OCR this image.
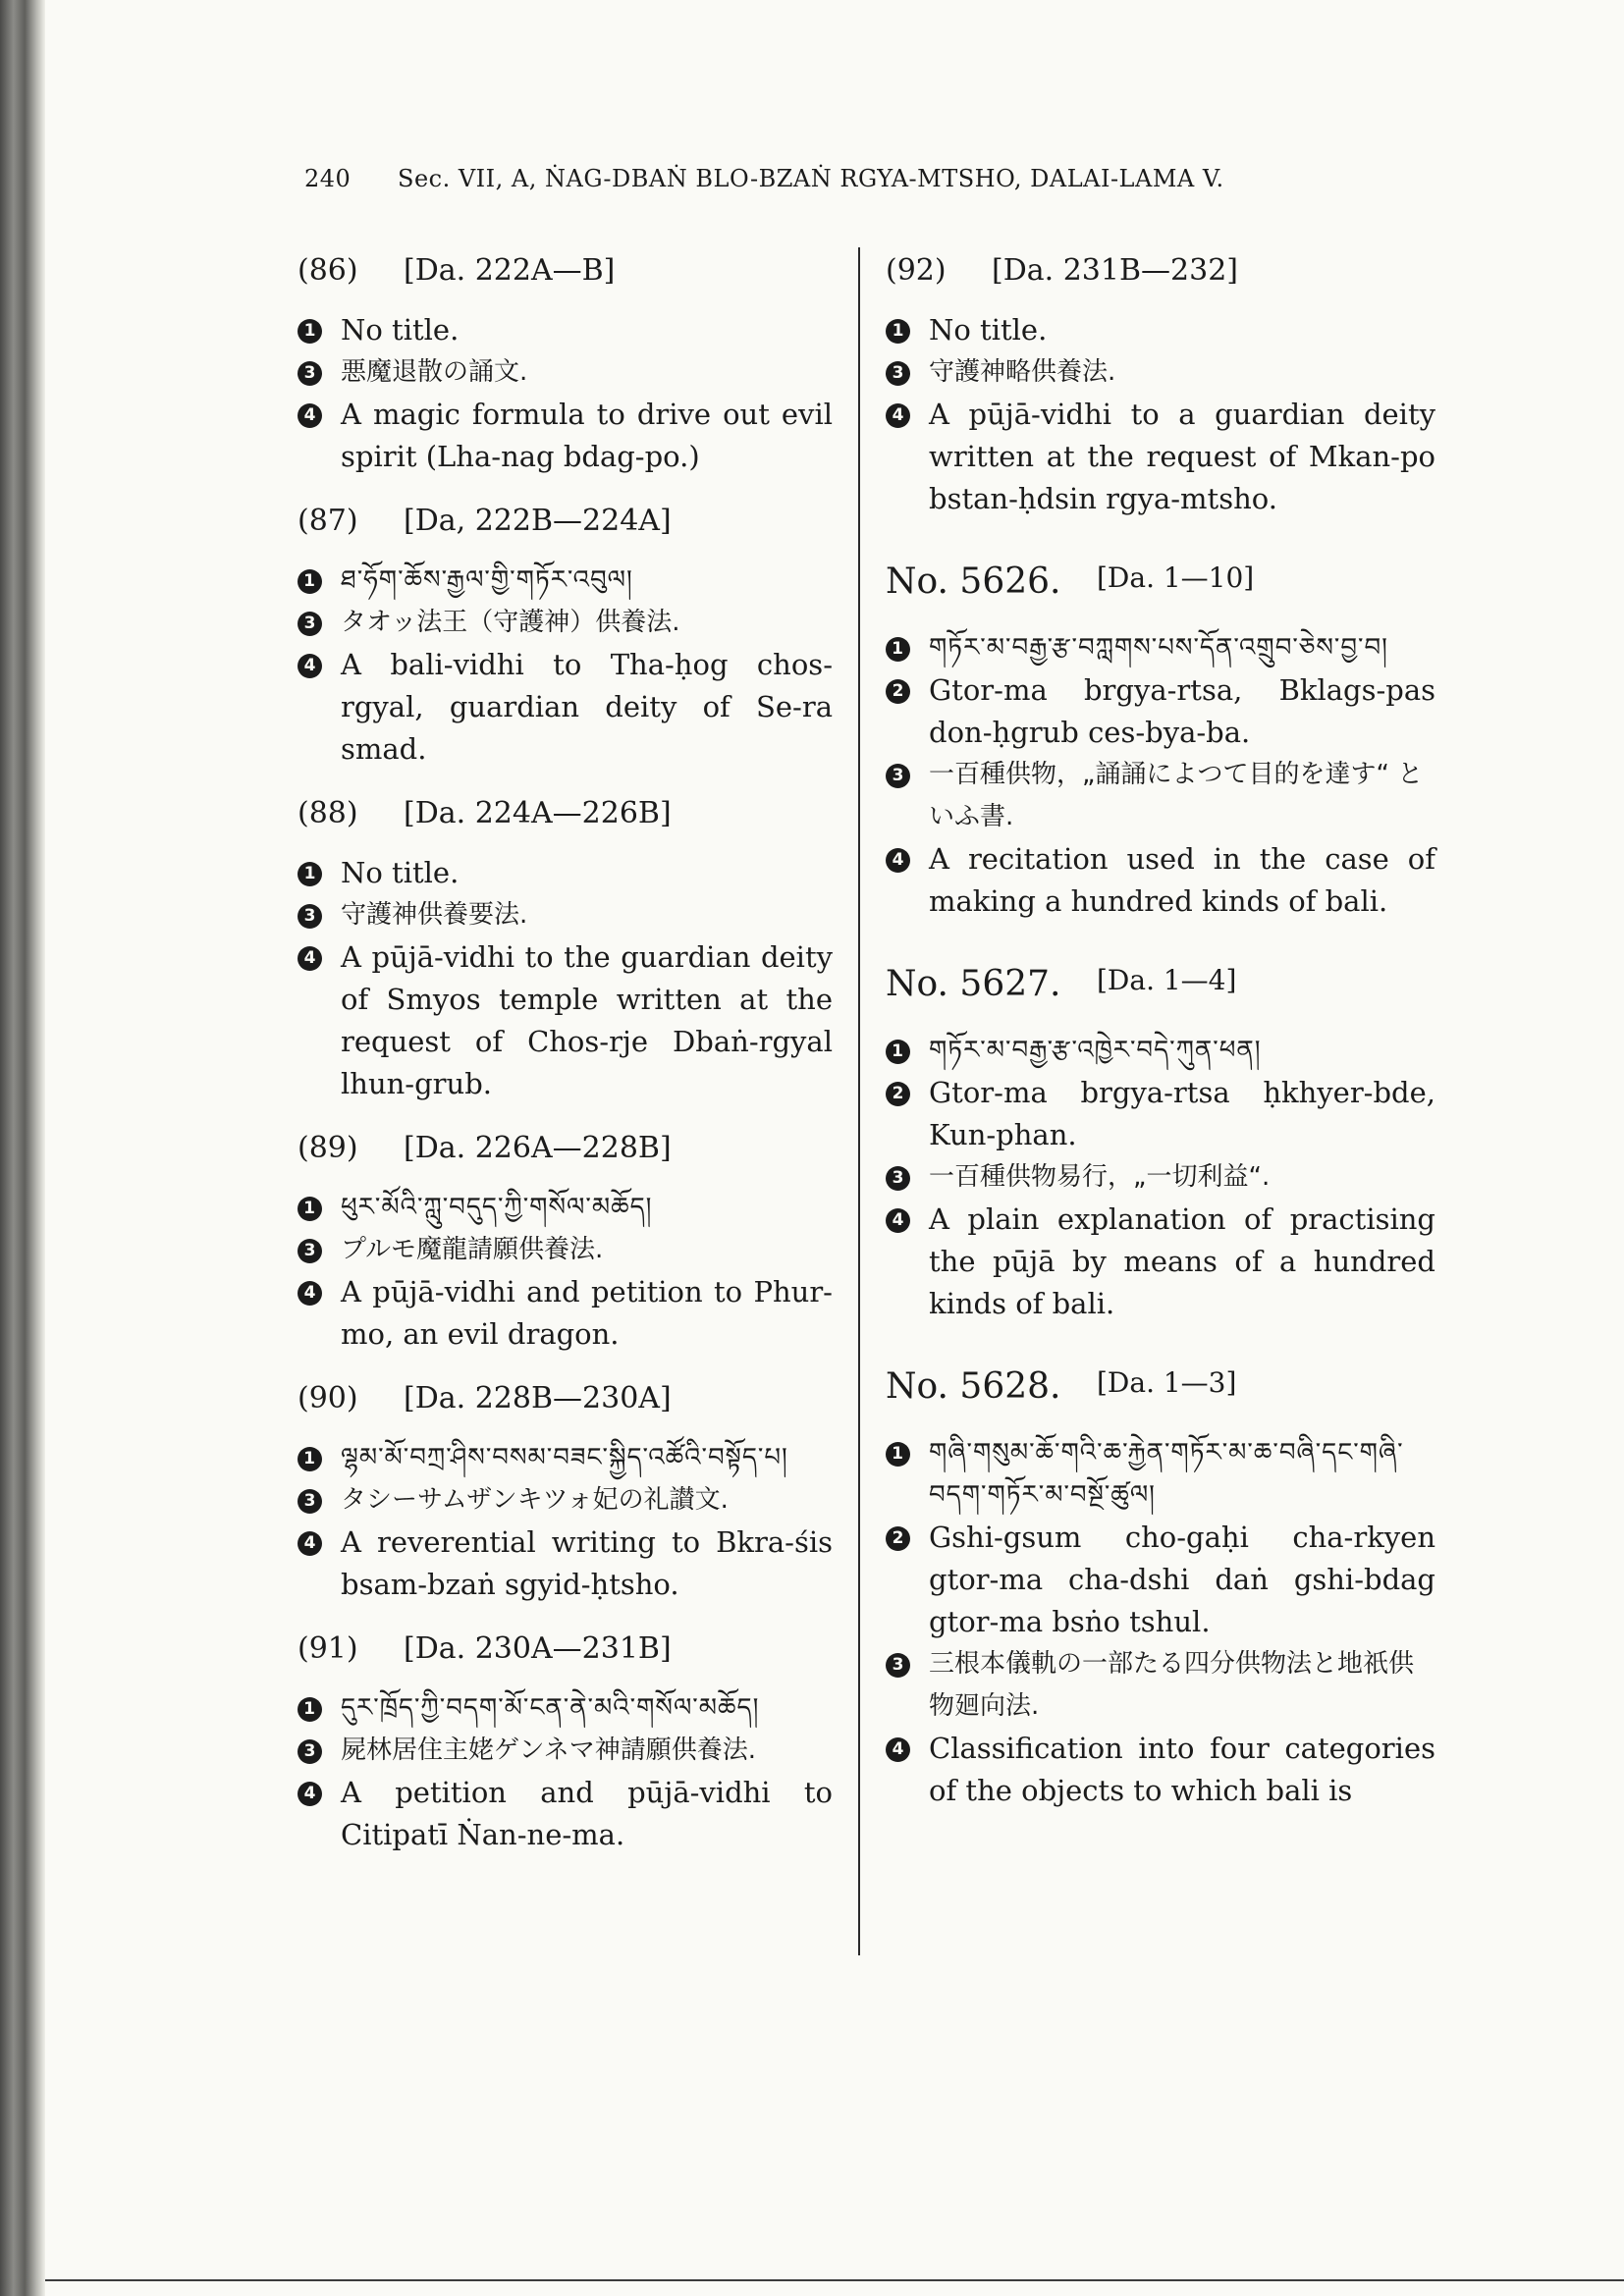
240 Sec. VII, A, ṄAG-DBAṄ BLO-BZAṄ RGYA-MTSHO, DALAI-LAMA V.
(86) [Da. 222A—B]
1 No title.
3 悪魔退散の誦文.
4 A magic formula to drive out evil spirit (Lha-nag bdag-po.)
(87) [Da, 222B—224A]
1 ཐ་ཧོག་ཆོས་རྒྱལ་གྱི་གཏོར་འབུལ།
3 タオッ法王（守護神）供養法.
4 A bali-vidhi to Tha-ḥog chos-rgyal, guardian deity of Se-ra smad.
(88) [Da. 224A—226B]
1 No title.
3 守護神供養要法.
4 A pūjā-vidhi to the guardian deity of Smyos temple written at the request of Chos-rje Dbaṅ-rgyal lhun-grub.
(89) [Da. 226A—228B]
1 ཕུར་མོའི་ཀླུ་བདུད་ཀྱི་གསོལ་མཆོད།
3 プルモ魔龍請願供養法.
4 A pūjā-vidhi and petition to Phur-mo, an evil dragon.
(90) [Da. 228B—230A]
1 ལྷམ་མོ་བཀྲ་ཤིས་བསམ་བཟང་སྐྱིད་འཚོའི་བསྟོད་པ།
3 タシーサムザンキツォ妃の礼讃文.
4 A reverential writing to Bkra-śis bsam-bzaṅ sgyid-ḥtsho.
(91) [Da. 230A—231B]
1 དུར་ཁྲོད་ཀྱི་བདག་མོ་ངན་ནེ་མའི་གསོལ་མཆོད།
3 屍林居住主姥ゲンネマ神請願供養法.
4 A petition and pūjā-vidhi to Citipatī Ṅan-ne-ma.
(92) [Da. 231B—232]
1 No title.
3 守護神略供養法.
4 A pūjā-vidhi to a guardian deity written at the request of Mkan-po bstan-ḥdsin rgya-mtsho.
No. 5626. [Da. 1—10]
1 གཏོར་མ་བརྒྱ་རྩ་བཀླགས་པས་དོན་འགྲུབ་ཅེས་བྱ་བ།
2 Gtor-ma brgya-rtsa, Bklags-pas don-ḥgrub ces-bya-ba.
3 一百種供物，„誦誦によつて目的を達す“ といふ書.
4 A recitation used in the case of making a hundred kinds of bali.
No. 5627. [Da. 1—4]
1 གཏོར་མ་བརྒྱ་རྩ་འཁྱེར་བདེ་ཀུན་ཕན།
2 Gtor-ma brgya-rtsa ḥkhyer-bde, Kun-phan.
3 一百種供物易行，„一切利益“.
4 A plain explanation of practising the pūjā by means of a hundred kinds of bali.
No. 5628. [Da. 1—3]
1 གཞི་གསུམ་ཆོ་གའི་ཆ་རྐྱེན་གཏོར་མ་ཆ་བཞི་དང་གཞི་བདག་གཏོར་མ་བསྔོ་ཚུལ།
2 Gshi-gsum cho-gaḥi cha-rkyen gtor-ma cha-dshi daṅ gshi-bdag gtor-ma bsṅo tshul.
3 三根本儀軌の一部たる四分供物法と地祇供物廻向法.
4 Classification into four categories of the objects to which bali is
